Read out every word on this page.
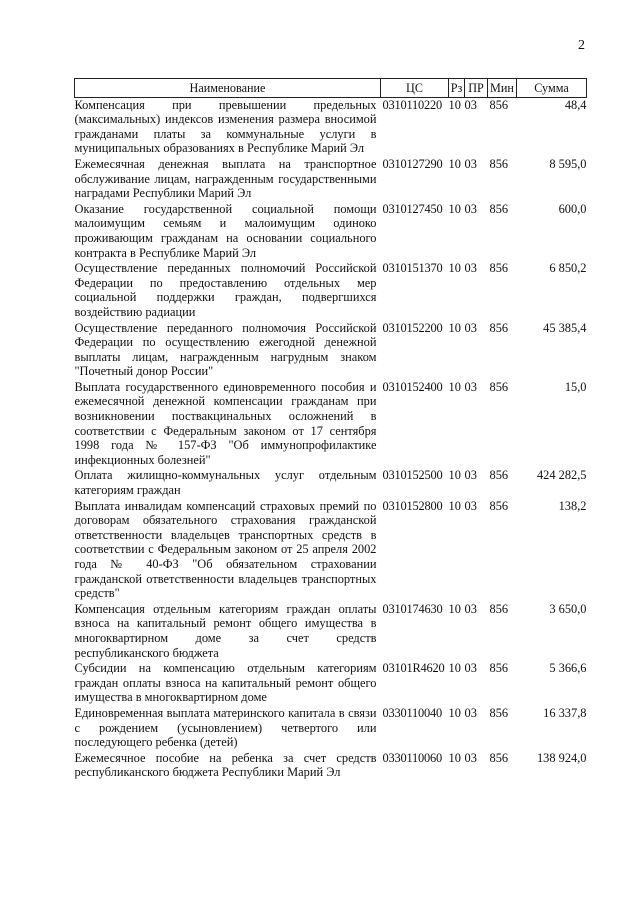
2
Наименование	ЦС	Рз	ПР	Мин	Сумма
Компенсация при превышении предельных (максимальных) индексов изменения размера вносимой гражданами платы за коммунальные услуги в муниципальных образованиях в Республике Марий Эл	0310110220	10	03	856	48,4
Ежемесячная денежная выплата на транспортное обслуживание лицам, награжденным государственными наградами Республики Марий Эл	0310127290	10	03	856	8 595,0
Оказание государственной социальной помощи малоимущим семьям и малоимущим одиноко проживающим гражданам на основании социального контракта в Республике Марий Эл	0310127450	10	03	856	600,0
Осуществление переданных полномочий Российской Федерации по предоставлению отдельных мер социальной поддержки граждан, подвергшихся воздействию радиации	0310151370	10	03	856	6 850,2
Осуществление переданного полномочия Российской Федерации по осуществлению ежегодной денежной выплаты лицам, награжденным нагрудным знаком "Почетный донор России"	0310152200	10	03	856	45 385,4
Выплата государственного единовременного пособия и ежемесячной денежной компенсации гражданам при возникновении поствакцинальных осложнений в соответствии с Федеральным законом от 17 сентября 1998 года № 157-ФЗ "Об иммунопрофилактике инфекционных болезней"	0310152400	10	03	856	15,0
Оплата жилищно-коммунальных услуг отдельным категориям граждан	0310152500	10	03	856	424 282,5
Выплата инвалидам компенсаций страховых премий по договорам обязательного страхования гражданской ответственности владельцев транспортных средств в соответствии с Федеральным законом от 25 апреля 2002 года № 40-ФЗ "Об обязательном страховании гражданской ответственности владельцев транспортных средств"	0310152800	10	03	856	138,2
Компенсация отдельным категориям граждан оплаты взноса на капитальный ремонт общего имущества в многоквартирном доме за счет средств республиканского бюджета	0310174630	10	03	856	3 650,0
Субсидии на компенсацию отдельным категориям граждан оплаты взноса на капитальный ремонт общего имущества в многоквартирном доме	03101R4620	10	03	856	5 366,6
Единовременная выплата материнского капитала в связи с рождением (усыновлением) четвертого или последующего ребенка (детей)	0330110040	10	03	856	16 337,8
Ежемесячное пособие на ребенка за счет средств республиканского бюджета Республики Марий Эл	0330110060	10	03	856	138 924,0
